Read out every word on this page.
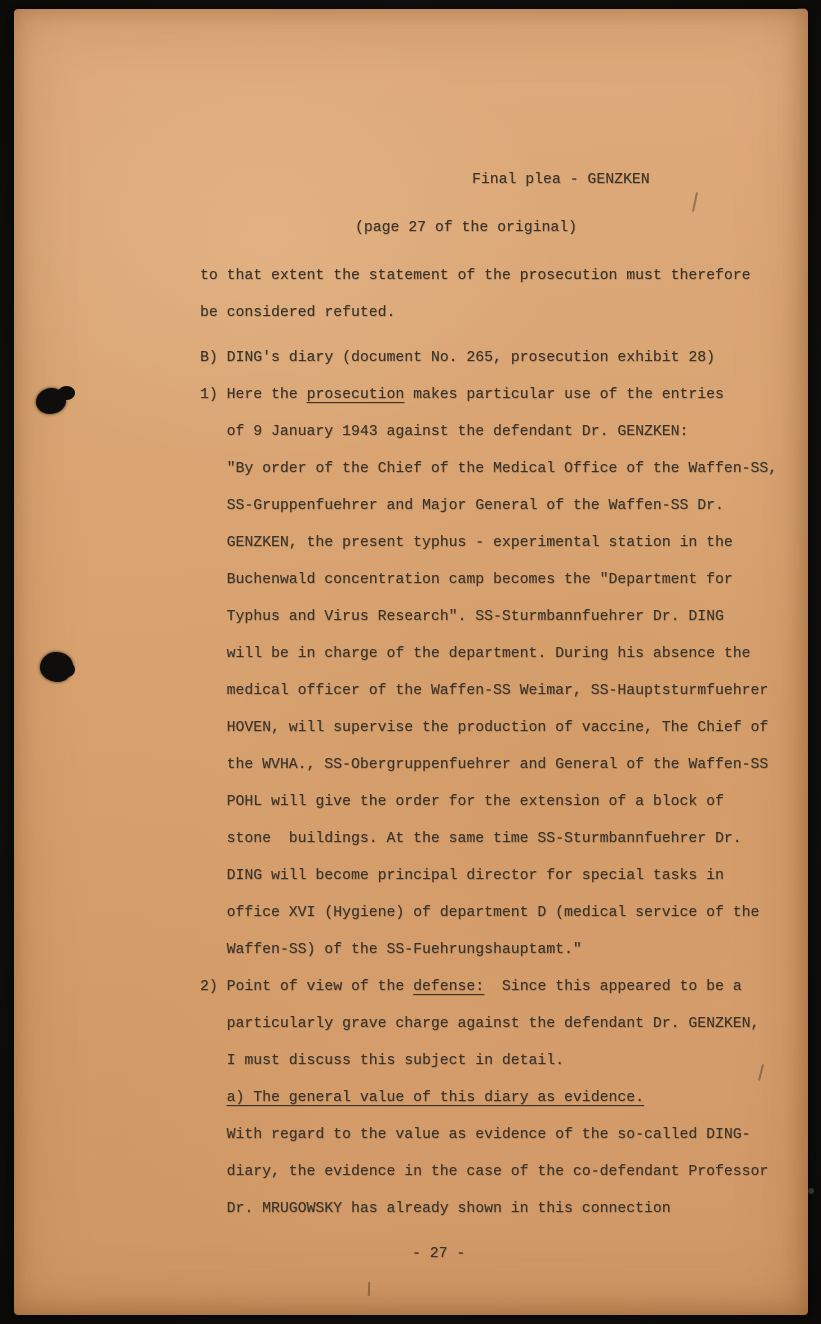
Final plea - GENZKEN
(page 27 of the original)
to that extent the statement of the prosecution must therefore
be considered refuted.
B) DING's diary (document No. 265, prosecution exhibit 28)
1) Here the prosecution makes particular use of the entries
of 9 January 1943 against the defendant Dr. GENZKEN:
"By order of the Chief of the Medical Office of the Waffen-SS,
SS-Gruppenfuehrer and Major General of the Waffen-SS Dr.
GENZKEN, the present typhus - experimental station in the
Buchenwald concentration camp becomes the "Department for
Typhus and Virus Research". SS-Sturmbannfuehrer Dr. DING
will be in charge of the department. During his absence the
medical officer of the Waffen-SS Weimar, SS-Hauptsturmfuehrer
HOVEN, will supervise the production of vaccine, The Chief of
the WVHA., SS-Obergruppenfuehrer and General of the Waffen-SS
POHL will give the order for the extension of a block of
stone  buildings. At the same time SS-Sturmbannfuehrer Dr.
DING will become principal director for special tasks in
office XVI (Hygiene) of department D (medical service of the
Waffen-SS) of the SS-Fuehrungshauptamt."
2) Point of view of the defense:  Since this appeared to be a
particularly grave charge against the defendant Dr. GENZKEN,
I must discuss this subject in detail.
a) The general value of this diary as evidence.
With regard to the value as evidence of the so-called DING-
diary, the evidence in the case of the co-defendant Professor
Dr. MRUGOWSKY has already shown in this connection
- 27 -
